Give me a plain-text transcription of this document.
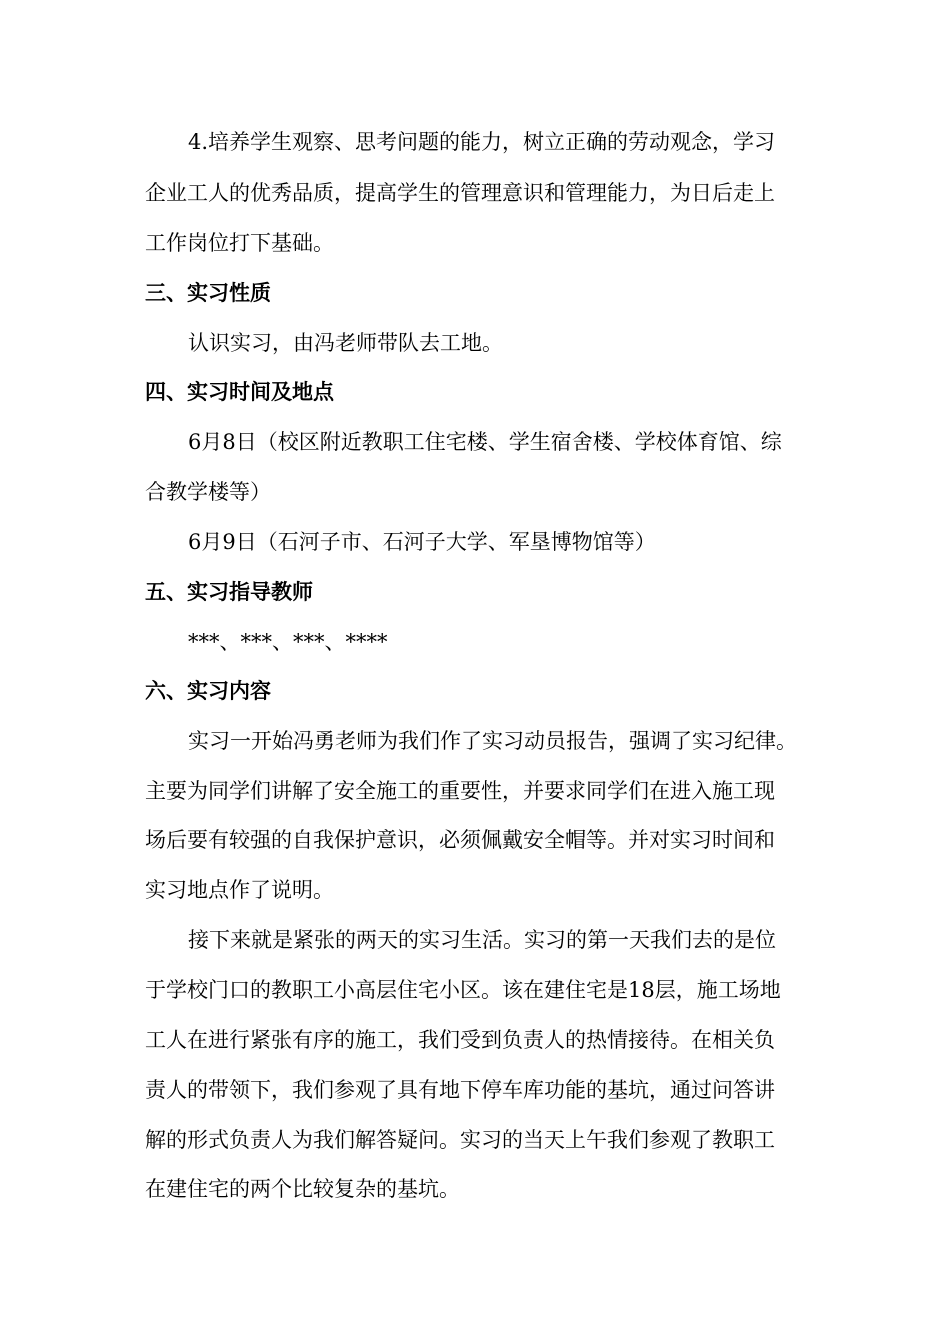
4.培养学生观察、思考问题的能力，树立正确的劳动观念，学习
企业工人的优秀品质，提高学生的管理意识和管理能力，为日后走上
工作岗位打下基础。
三、实习性质
认识实习，由冯老师带队去工地。
四、实习时间及地点
6月8日（校区附近教职工住宅楼、学生宿舍楼、学校体育馆、综
合教学楼等）
6月9日（石河子市、石河子大学、军垦博物馆等）
五、实习指导教师
***、***、***、****
六、实习内容
实习一开始冯勇老师为我们作了实习动员报告，强调了实习纪律。
主要为同学们讲解了安全施工的重要性，并要求同学们在进入施工现
场后要有较强的自我保护意识，必须佩戴安全帽等。并对实习时间和
实习地点作了说明。
接下来就是紧张的两天的实习生活。实习的第一天我们去的是位
于学校门口的教职工小高层住宅小区。该在建住宅是18层，施工场地
工人在进行紧张有序的施工，我们受到负责人的热情接待。在相关负
责人的带领下，我们参观了具有地下停车库功能的基坑，通过问答讲
解的形式负责人为我们解答疑问。实习的当天上午我们参观了教职工
在建住宅的两个比较复杂的基坑。
